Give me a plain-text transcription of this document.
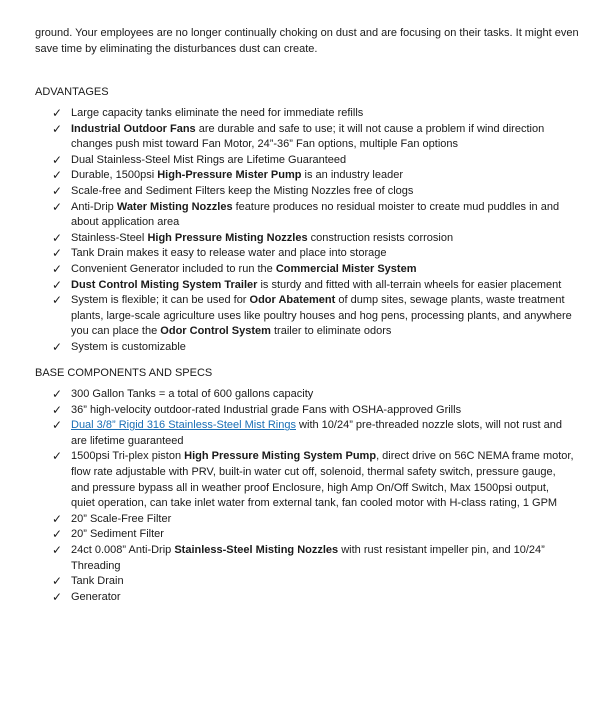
ground. Your employees are no longer continually choking on dust and are focusing on their tasks. It might even save time by eliminating the disturbances dust can create.
ADVANTAGES
✓ Large capacity tanks eliminate the need for immediate refills
✓ Industrial Outdoor Fans are durable and safe to use; it will not cause a problem if wind direction changes push mist toward Fan Motor, 24”-36” Fan options, multiple Fan options
✓ Dual Stainless-Steel Mist Rings are Lifetime Guaranteed
✓ Durable, 1500psi High-Pressure Mister Pump is an industry leader
✓ Scale-free and Sediment Filters keep the Misting Nozzles free of clogs
✓ Anti-Drip Water Misting Nozzles feature produces no residual moister to create mud puddles in and about application area
✓ Stainless-Steel High Pressure Misting Nozzles construction resists corrosion
✓ Tank Drain makes it easy to release water and place into storage
✓ Convenient Generator included to run the Commercial Mister System
✓ Dust Control Misting System Trailer is sturdy and fitted with all-terrain wheels for easier placement
✓ System is flexible; it can be used for Odor Abatement of dump sites, sewage plants, waste treatment plants, large-scale agriculture uses like poultry houses and hog pens, processing plants, and anywhere you can place the Odor Control System trailer to eliminate odors
✓ System is customizable
BASE COMPONENTS AND SPECS
✓ 300 Gallon Tanks = a total of 600 gallons capacity
✓ 36” high-velocity outdoor-rated Industrial grade Fans with OSHA-approved Grills
✓ Dual 3/8” Rigid 316 Stainless-Steel Mist Rings with 10/24” pre-threaded nozzle slots, will not rust and are lifetime guaranteed
✓ 1500psi Tri-plex piston High Pressure Misting System Pump, direct drive on 56C NEMA frame motor, flow rate adjustable with PRV, built-in water cut off, solenoid, thermal safety switch, pressure gauge, and pressure bypass all in weather proof Enclosure, high Amp On/Off Switch, Max 1500psi output, quiet operation, can take inlet water from external tank, fan cooled motor with H-class rating, 1 GPM
✓ 20” Scale-Free Filter
✓ 20” Sediment Filter
✓ 24ct 0.008” Anti-Drip Stainless-Steel Misting Nozzles with rust resistant impeller pin, and 10/24” Threading
✓ Tank Drain
✓ Generator
